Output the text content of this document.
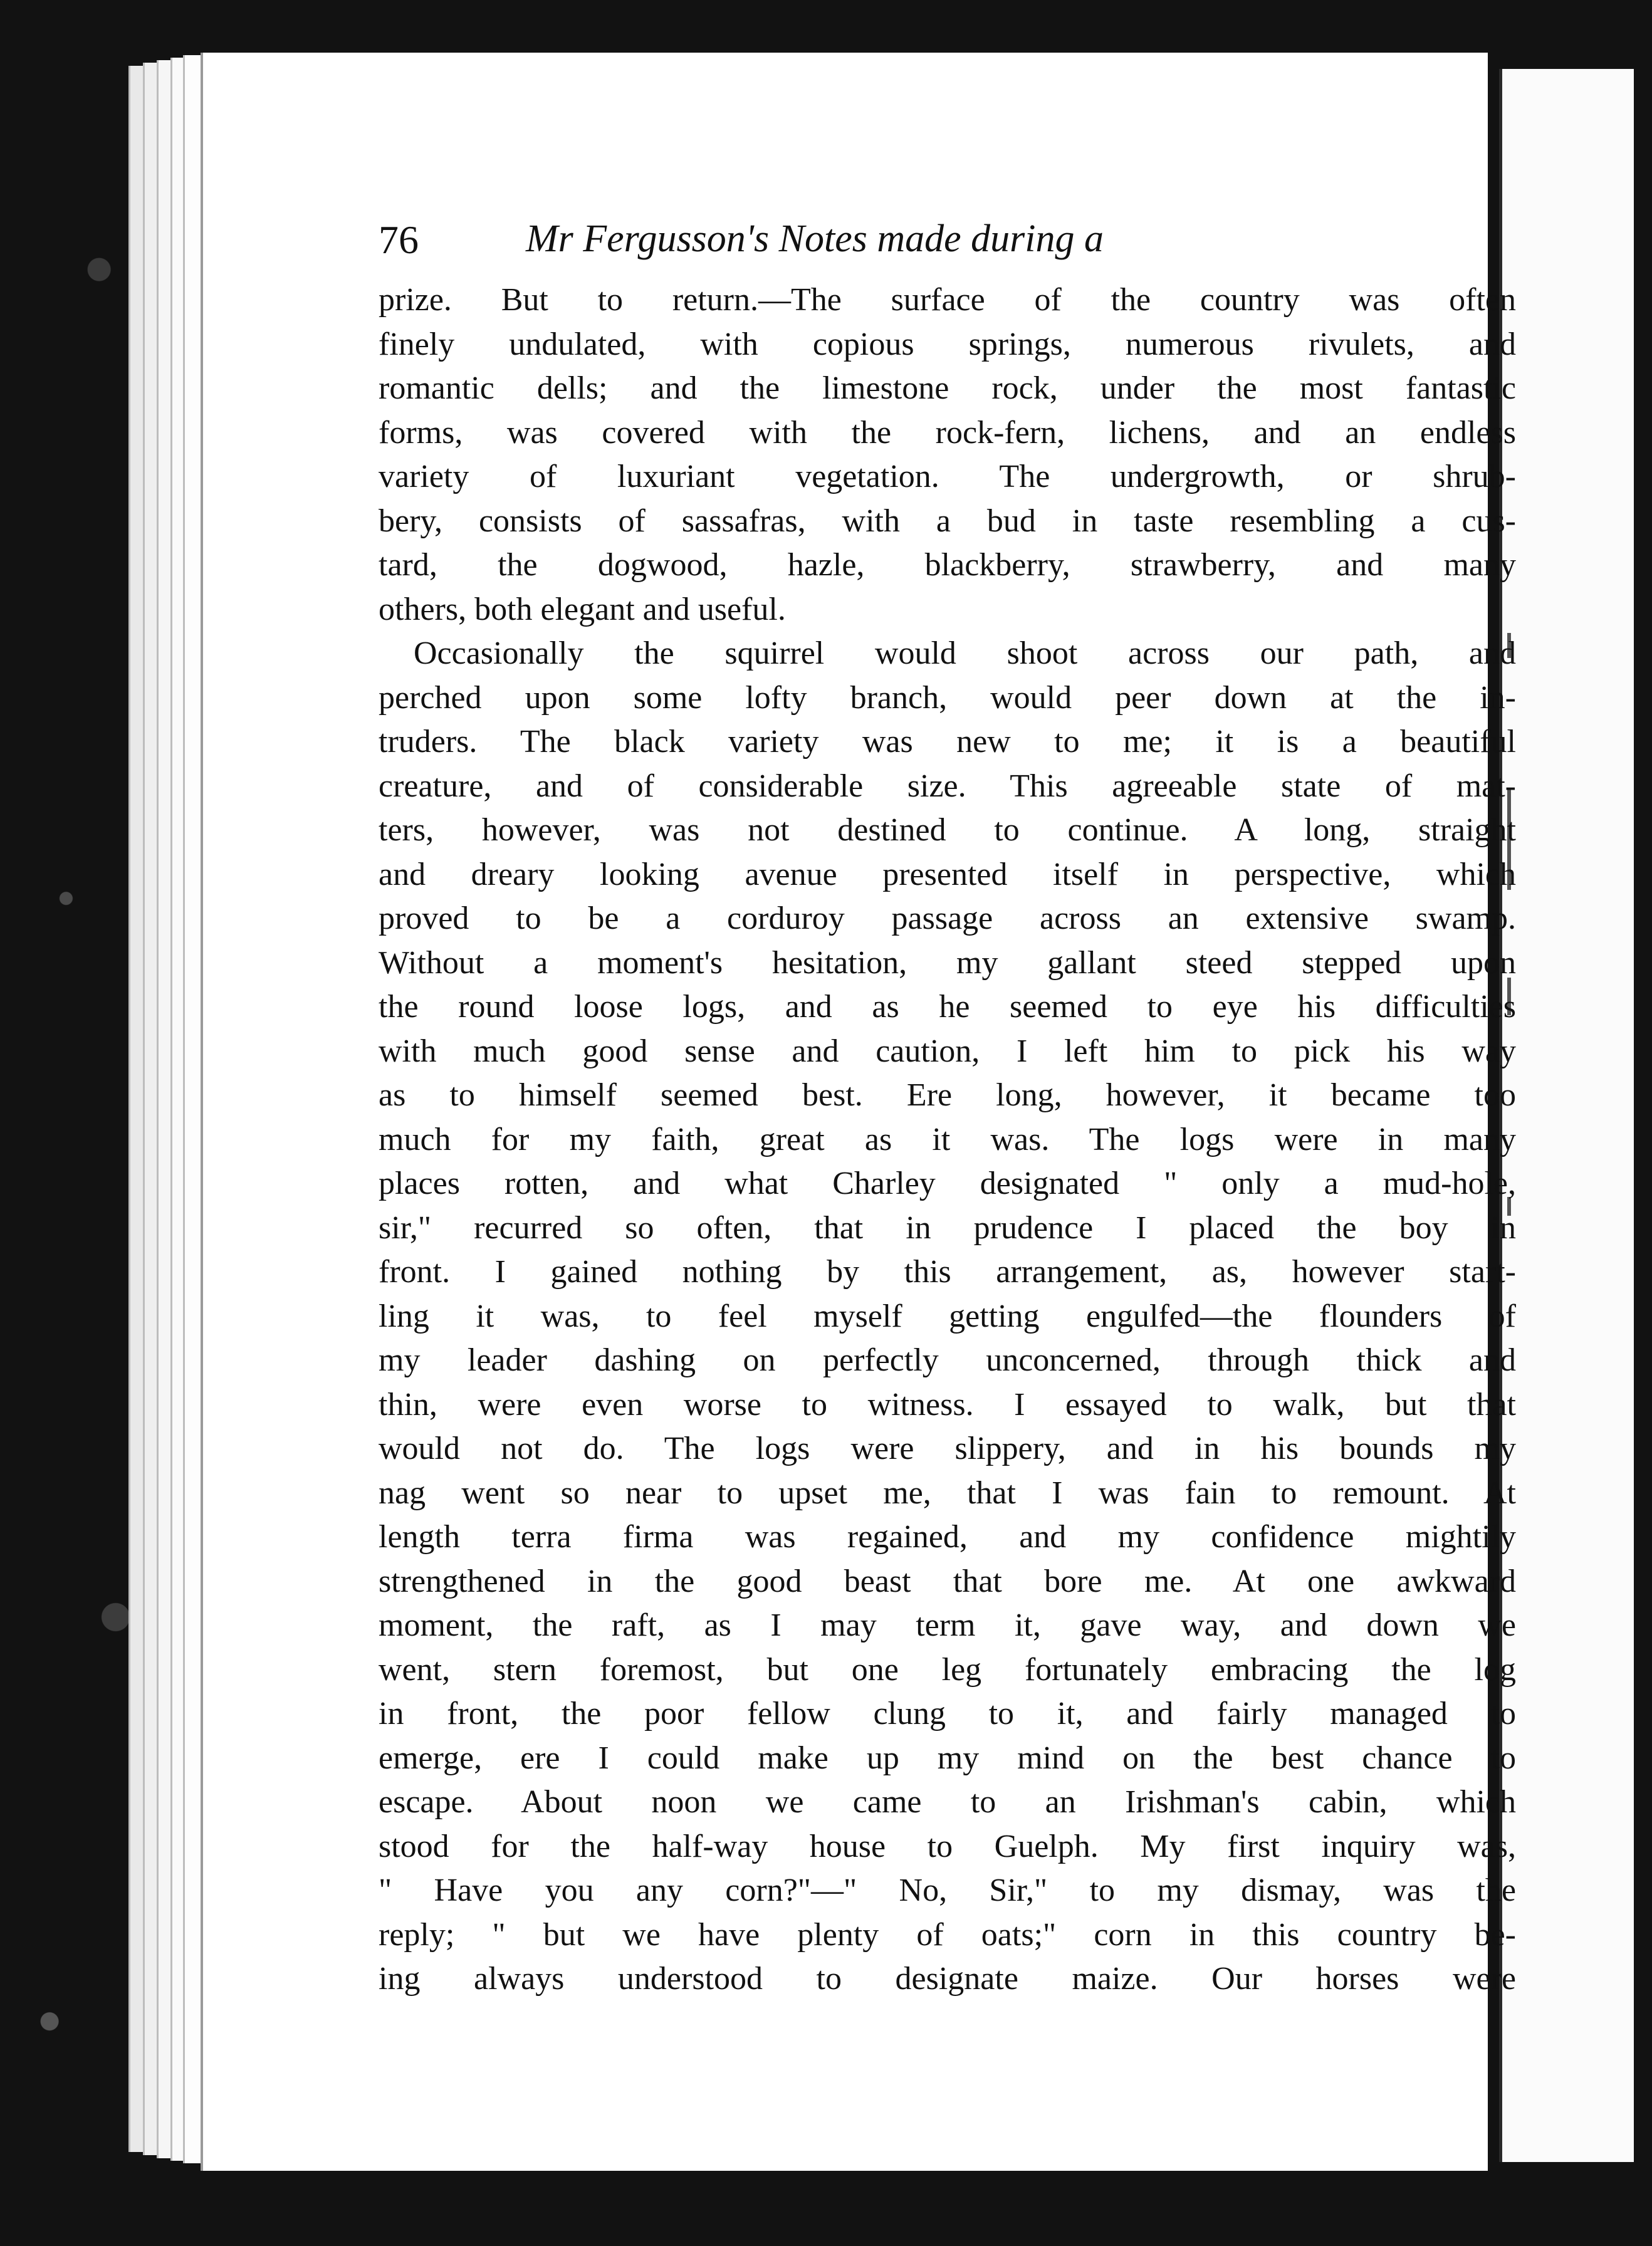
76	Mr Fergusson's Notes made during a
prize. But to return.—The surface of the country was often
finely undulated, with copious springs, numerous rivulets, and
romantic dells; and the limestone rock, under the most fantastic
forms, was covered with the rock-fern, lichens, and an endless
variety of luxuriant vegetation. The undergrowth, or shrub-
bery, consists of sassafras, with a bud in taste resembling a cus-
tard, the dogwood, hazle, blackberry, strawberry, and many
others, both elegant and useful.
Occasionally the squirrel would shoot across our path, and
perched upon some lofty branch, would peer down at the in-
truders. The black variety was new to me; it is a beautiful
creature, and of considerable size. This agreeable state of mat-
ters, however, was not destined to continue. A long, straight
and dreary looking avenue presented itself in perspective, which
proved to be a corduroy passage across an extensive swamp.
Without a moment's hesitation, my gallant steed stepped upon
the round loose logs, and as he seemed to eye his difficulties
with much good sense and caution, I left him to pick his way
as to himself seemed best. Ere long, however, it became too
much for my faith, great as it was. The logs were in many
places rotten, and what Charley designated " only a mud-hole,
sir," recurred so often, that in prudence I placed the boy in
front. I gained nothing by this arrangement, as, however start-
ling it was, to feel myself getting engulfed—the flounders of
my leader dashing on perfectly unconcerned, through thick and
thin, were even worse to witness. I essayed to walk, but that
would not do. The logs were slippery, and in his bounds my
nag went so near to upset me, that I was fain to remount. At
length terra firma was regained, and my confidence mightily
strengthened in the good beast that bore me. At one awkward
moment, the raft, as I may term it, gave way, and down we
went, stern foremost, but one leg fortunately embracing the log
in front, the poor fellow clung to it, and fairly managed to
emerge, ere I could make up my mind on the best chance to
escape. About noon we came to an Irishman's cabin, which
stood for the half-way house to Guelph. My first inquiry was,
" Have you any corn?"—" No, Sir," to my dismay, was the
reply; " but we have plenty of oats;" corn in this country be-
ing always understood to designate maize. Our horses were
